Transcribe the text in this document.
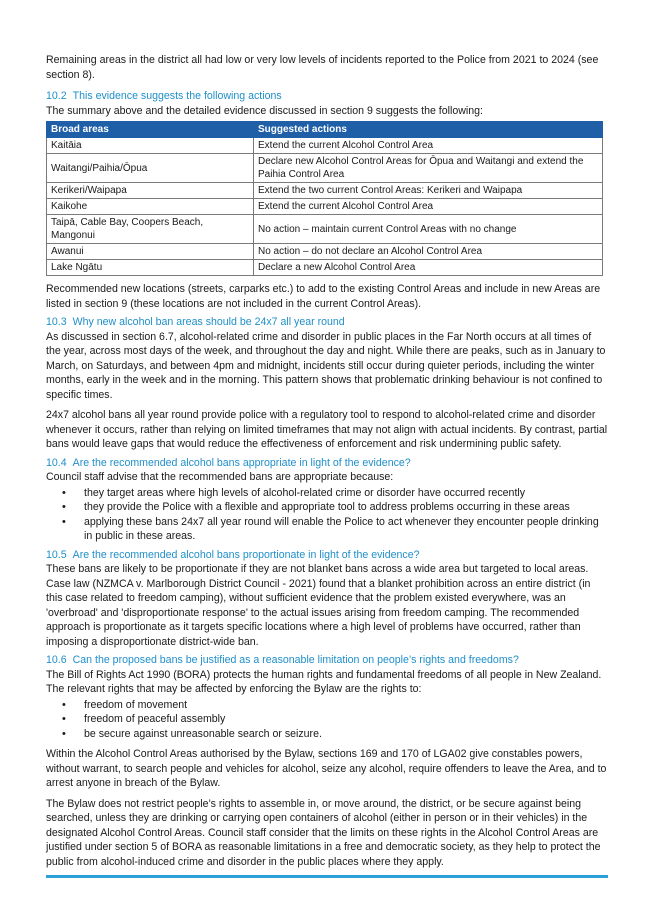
Remaining areas in the district all had low or very low levels of incidents reported to the Police from 2021 to 2024 (see section 8).

10.2 This evidence suggests the following actions

The summary above and the detailed evidence discussed in section 9 suggests the following:

Broad areas	Suggested actions
Kaitāia	Extend the current Alcohol Control Area
Waitangi/Paihia/Ōpua	Declare new Alcohol Control Areas for Ōpua and Waitangi and extend the Paihia Control Area
Kerikeri/Waipapa	Extend the two current Control Areas: Kerikeri and Waipapa
Kaikohe	Extend the current Alcohol Control Area
Taipā, Cable Bay, Coopers Beach, Mangonui	No action – maintain current Control Areas with no change
Awanui	No action – do not declare an Alcohol Control Area
Lake Ngātu	Declare a new Alcohol Control Area

Recommended new locations (streets, carparks etc.) to add to the existing Control Areas and include in new Areas are listed in section 9 (these locations are not included in the current Control Areas).

10.3 Why new alcohol ban areas should be 24x7 all year round

As discussed in section 6.7, alcohol-related crime and disorder in public places in the Far North occurs at all times of the year, across most days of the week, and throughout the day and night. While there are peaks, such as in January to March, on Saturdays, and between 4pm and midnight, incidents still occur during quieter periods, including the winter months, early in the week and in the morning. This pattern shows that problematic drinking behaviour is not confined to specific times.

24x7 alcohol bans all year round provide police with a regulatory tool to respond to alcohol-related crime and disorder whenever it occurs, rather than relying on limited timeframes that may not align with actual incidents. By contrast, partial bans would leave gaps that would reduce the effectiveness of enforcement and risk undermining public safety.

10.4 Are the recommended alcohol bans appropriate in light of the evidence?

Council staff advise that the recommended bans are appropriate because:

• they target areas where high levels of alcohol-related crime or disorder have occurred recently
• they provide the Police with a flexible and appropriate tool to address problems occurring in these areas
• applying these bans 24x7 all year round will enable the Police to act whenever they encounter people drinking in public in these areas.
10.5 Are the recommended alcohol bans proportionate in light of the evidence?

These bans are likely to be proportionate if they are not blanket bans across a wide area but targeted to local areas. Case law (NZMCA v. Marlborough District Council - 2021) found that a blanket prohibition across an entire district (in this case related to freedom camping), without sufficient evidence that the problem existed everywhere, was an 'overbroad' and 'disproportionate response' to the actual issues arising from freedom camping. The recommended approach is proportionate as it targets specific locations where a high level of problems have occurred, rather than imposing a disproportionate district-wide ban.

10.6 Can the proposed bans be justified as a reasonable limitation on people’s rights and freedoms?

The Bill of Rights Act 1990 (BORA) protects the human rights and fundamental freedoms of all people in New Zealand. The relevant rights that may be affected by enforcing the Bylaw are the rights to:

• freedom of movement
• freedom of peaceful assembly
• be secure against unreasonable search or seizure.

Within the Alcohol Control Areas authorised by the Bylaw, sections 169 and 170 of LGA02 give constables powers, without warrant, to search people and vehicles for alcohol, seize any alcohol, require offenders to leave the Area, and to arrest anyone in breach of the Bylaw.

The Bylaw does not restrict people’s rights to assemble in, or move around, the district, or be secure against being searched, unless they are drinking or carrying open containers of alcohol (either in person or in their vehicles) in the designated Alcohol Control Areas. Council staff consider that the limits on these rights in the Alcohol Control Areas are justified under section 5 of BORA as reasonable limitations in a free and democratic society, as they help to protect the public from alcohol-induced crime and disorder in the public places where they apply.
